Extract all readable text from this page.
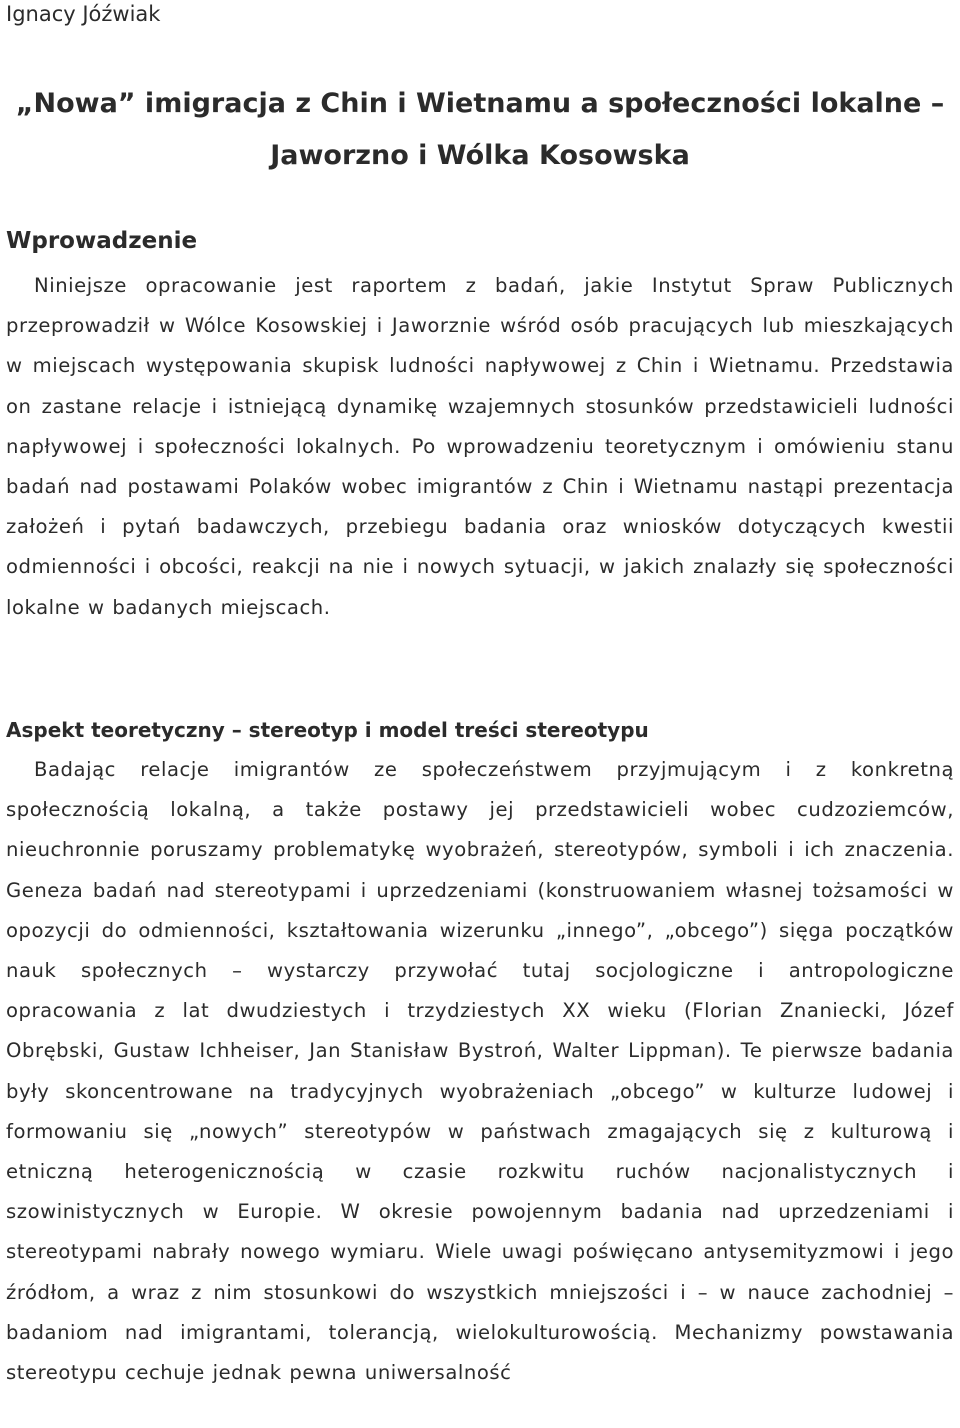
Ignacy Jóźwiak
„Nowa” imigracja z Chin i Wietnamu a społeczności lokalne –
Jaworzno i Wólka Kosowska
Wprowadzenie

Niniejsze opracowanie jest raportem z badań, jakie Instytut Spraw Publicznych przeprowadził w Wólce Kosowskiej i Jaworznie wśród osób pracujących lub mieszkających w miejscach występowania skupisk ludności napływowej z Chin i Wietnamu. Przedstawia on zastane relacje i istniejącą dynamikę wzajemnych stosunków przedstawicieli ludności napływowej i społeczności lokalnych. Po wprowadzeniu teoretycznym i omówieniu stanu badań nad postawami Polaków wobec imigrantów z Chin i Wietnamu nastąpi prezentacja założeń i pytań badawczych, przebiegu badania oraz wniosków dotyczących kwestii odmienności i obcości, reakcji na nie i nowych sytuacji, w jakich znalazły się społeczności lokalne w badanych miejscach.

Aspekt teoretyczny – stereotyp i model treści stereotypu

Badając relacje imigrantów ze społeczeństwem przyjmującym i z konkretną społecznością lokalną, a także postawy jej przedstawicieli wobec cudzoziemców, nieuchronnie poruszamy problematykę wyobrażeń, stereotypów, symboli i ich znaczenia. Geneza badań nad stereotypami i uprzedzeniami (konstruowaniem własnej tożsamości w opozycji do odmienności, kształtowania wizerunku „innego”, „obcego”) sięga początków nauk społecznych – wystarczy przywołać tutaj socjologiczne i antropologiczne opracowania z lat dwudziestych i trzydziestych XX wieku (Florian Znaniecki, Józef Obrębski, Gustaw Ichheiser, Jan Stanisław Bystroń, Walter Lippman). Te pierwsze badania były skoncentrowane na tradycyjnych wyobrażeniach „obcego” w kulturze ludowej i formowaniu się „nowych” stereotypów w państwach zmagających się z kulturową i etniczną heterogenicznością w czasie rozkwitu ruchów nacjonalistycznych i szowinistycznych w Europie. W okresie powojennym badania nad uprzedzeniami i stereotypami nabrały nowego wymiaru. Wiele uwagi poświęcano antysemityzmowi i jego źródłom, a wraz z nim stosunkowi do wszystkich mniejszości i – w nauce zachodniej – badaniom nad imigrantami, tolerancją, wielokulturowością. Mechanizmy powstawania stereotypu cechuje jednak pewna uniwersalność
